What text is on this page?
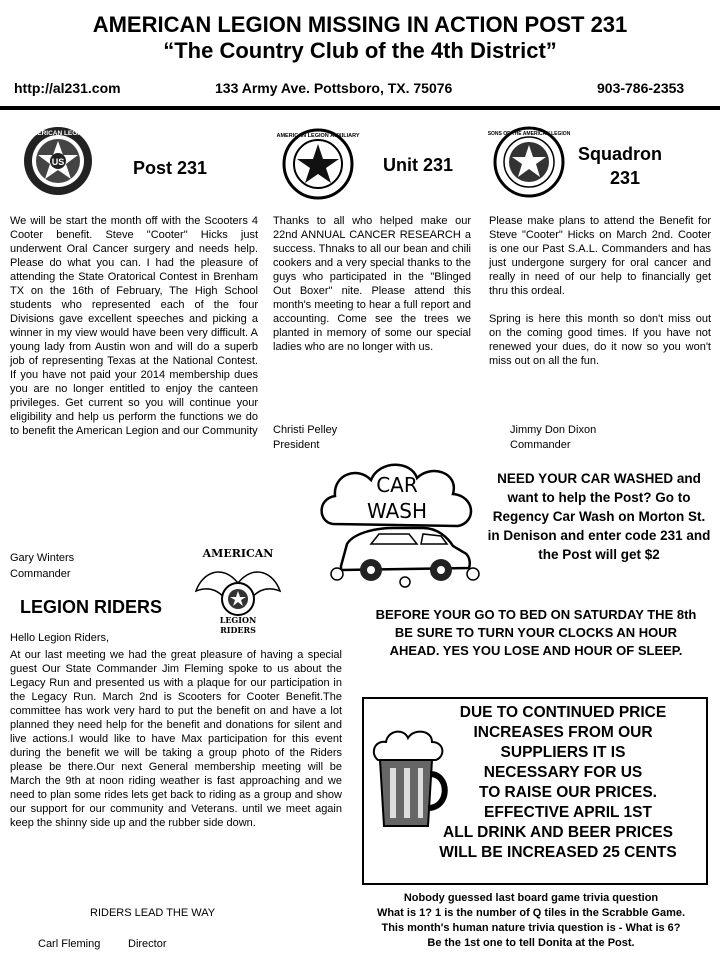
AMERICAN LEGION MISSING IN ACTION POST 231
“The Country Club of the 4th District”
http://al231.com	133 Army Ave. Pottsboro, TX. 75076	903-786-2353
US
AMERICAN LEGION
Post 231
We will be start the month off with the Scooters 4 Cooter benefit. Steve "Cooter" Hicks just underwent Oral Cancer surgery and needs help. Please do what you can. I had the pleasure of attending the State Oratorical Contest in Brenham TX on the 16th of February, The High School students who represented each of the four Divisions gave excellent speeches and picking a winner in my view would have been very difficult. A young lady from Austin won and will do a superb job of representing Texas at the National Contest. If you have not paid your 2014 membership dues you are no longer entitled to enjoy the canteen privileges. Get current so you will continue your eligibility and help us perform the functions we do to benefit the American Legion and our Community
Gary Winters
Commander
AMERICAN LEGION AUXILIARY
Unit 231
Thanks to all who helped make our 22nd ANNUAL CANCER RESEARCH a success. Thnaks to all our bean and chili cookers and a very special thanks to the guys who participated in the "Blinged Out Boxer" nite. Please attend this month's meeting to hear a full report and accounting. Come see the trees we planted in memory of some our special ladies who are no longer with us.
Christi Pelley
President
SONS OF THE AMERICAN LEGION
Squadron
231
Please make plans to attend the Benefit for Steve "Cooter" Hicks on March 2nd. Cooter is one our Past S.A.L. Commanders and has just undergone surgery for oral cancer and really in need of our help to financially get thru this ordeal.
Spring is here this month so don't miss out on the coming good times. If you have not renewed your dues, do it now so you won't miss out on all the fun.
Jimmy Don Dixon
Commander
CAR
WASH
NEED YOUR CAR WASHED and want to help the Post? Go to Regency Car Wash on Morton St. in Denison and enter code 231 and the Post will get $2
BEFORE YOUR GO TO BED ON SATURDAY THE 8th BE SURE TO TURN YOUR CLOCKS AN HOUR AHEAD. YES YOU LOSE AND HOUR OF SLEEP.
AMERICAN
LEGION
RIDERS
LEGION RIDERS
Hello Legion Riders,
At our last meeting we had the great pleasure of having a special guest Our State Commander Jim Fleming spoke to us about the Legacy Run and presented us with a plaque for our participation in the Legacy Run. March 2nd is Scooters for Cooter Benefit.The committee has work very hard to put the benefit on and have a lot planned they need help for the benefit and donations for silent and live actions.I would like to have Max participation for this event during the benefit we will be taking a group photo of the Riders please be there.Our next General membership meeting will be March the 9th at noon riding weather is fast approaching and we need to plan some rides lets get back to riding as a group and show our support for our community and Veterans. until we meet again keep the shinny side up and the rubber side down.
RIDERS LEAD THE WAY
Carl Fleming	Director
DUE TO CONTINUED PRICE
INCREASES FROM OUR
SUPPLIERS IT IS
NECESSARY FOR US
TO RAISE OUR PRICES.
EFFECTIVE APRIL 1ST
ALL DRINK AND BEER PRICES
WILL BE INCREASED 25 CENTS
Nobody guessed last board game trivia question
What is 1? 1 is the number of Q tiles in the Scrabble Game.
This month's human nature trivia question is - What is 6?
Be the 1st one to tell Donita at the Post.
